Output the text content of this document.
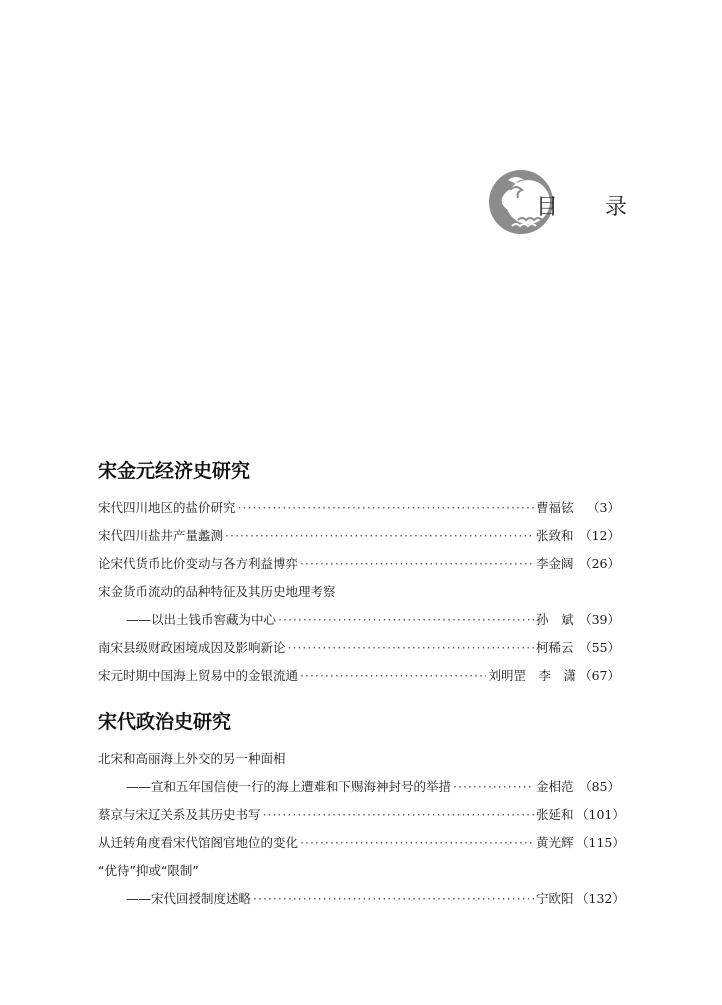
目 录
宋金元经济史研究
宋代四川地区的盐价研究 ·····	曹福铉	（3）
宋代四川盐井产量蠡测 ·····	张致和 （12）
论宋代货币比价变动与各方利益博弈 ·····	李金阔 （26）
宋金货币流动的品种特征及其历史地理考察
——以出土钱币窖藏为中心 ·····	孙　斌 （39）
南宋县级财政困境成因及影响新论 ·····	柯稀云 （55）
宋元时期中国海上贸易中的金银流通 ·····	刘明罡　李　潇 （67）
宋代政治史研究
北宋和高丽海上外交的另一种面相
——宣和五年国信使一行的海上遭难和下赐海神封号的举措 ·····	金相范 （85）
蔡京与宋辽关系及其历史书写 ·····	张延和 （101）
从迁转角度看宋代馆阁官地位的变化 ·····	黄光辉 （115）
“优待”抑或“限制”
——宋代回授制度述略 ·····	宁欧阳 （132）
